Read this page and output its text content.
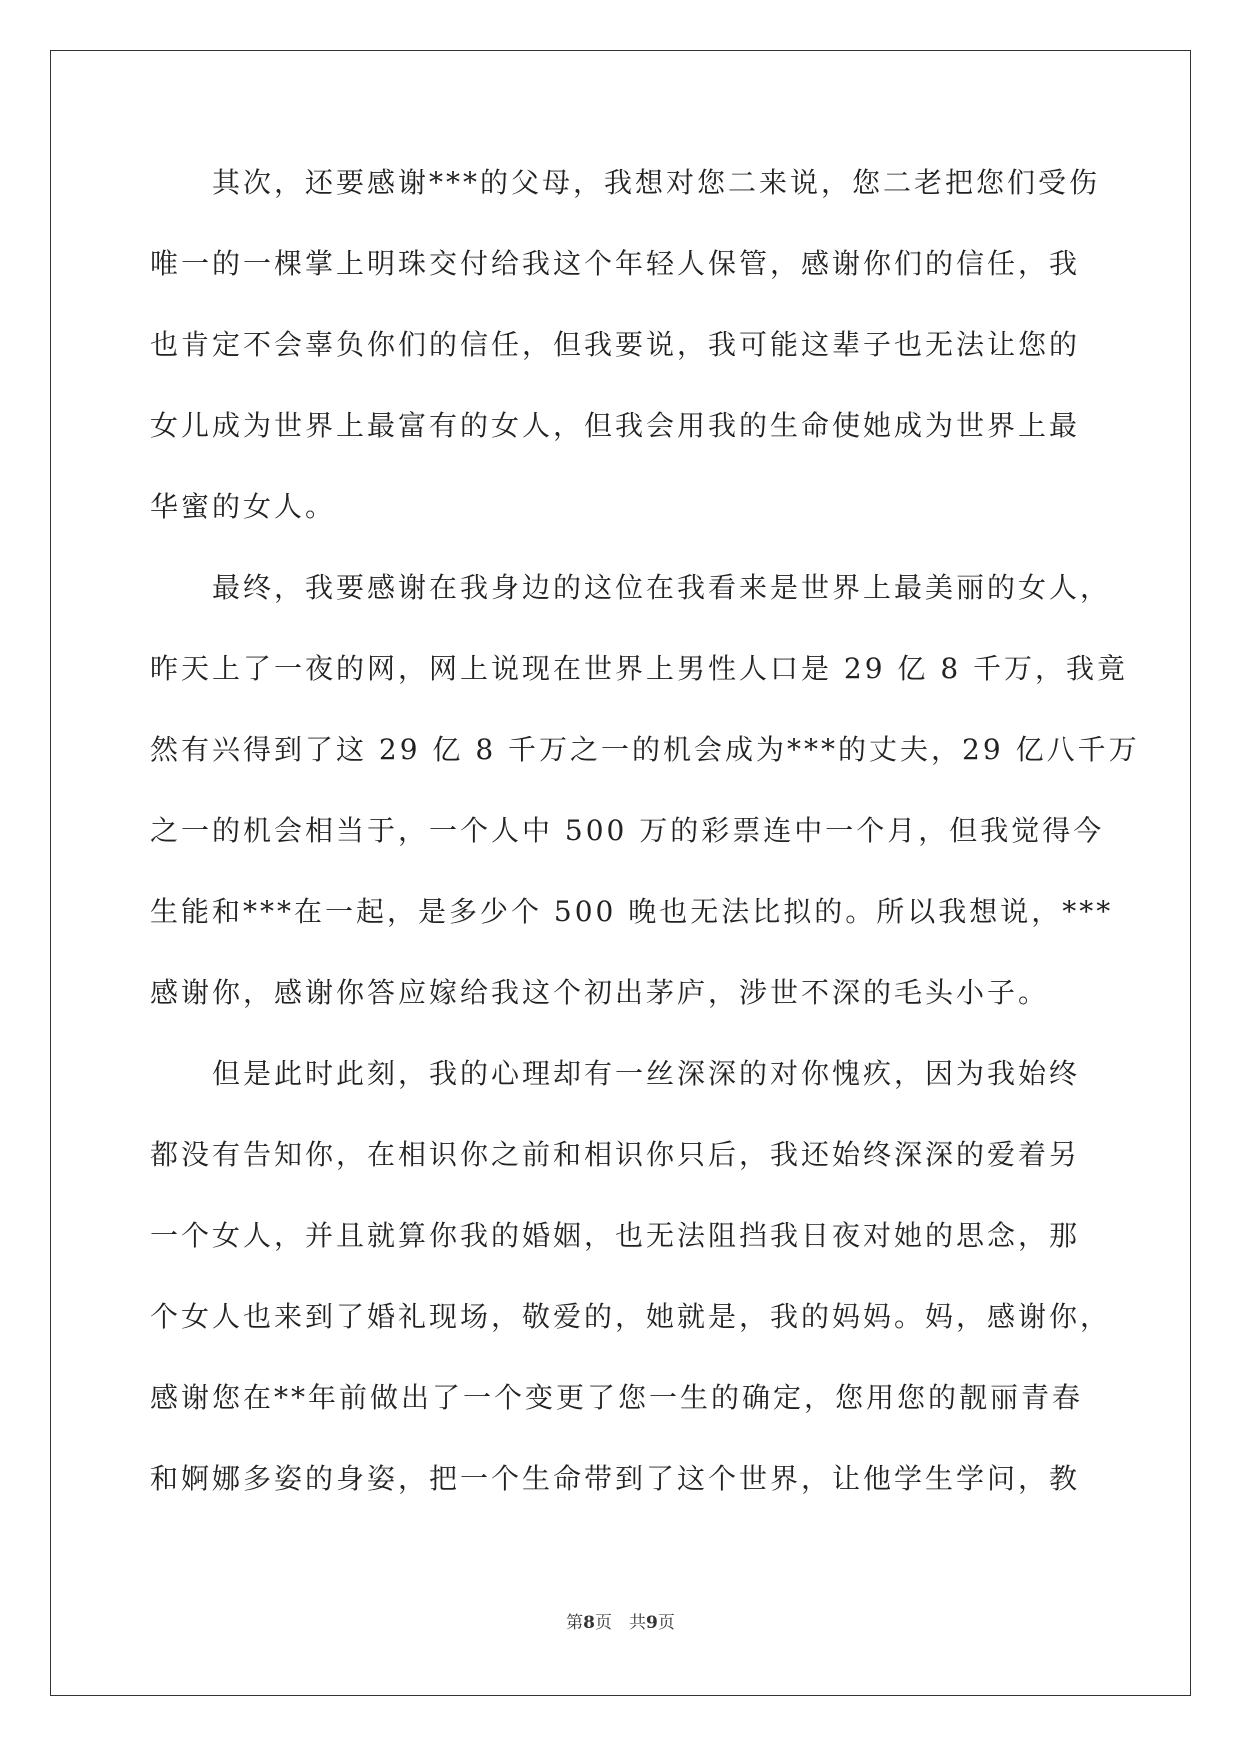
其次，还要感谢***的父母，我想对您二来说，您二老把您们受伤
唯一的一棵掌上明珠交付给我这个年轻人保管，感谢你们的信任，我
也肯定不会辜负你们的信任，但我要说，我可能这辈子也无法让您的
女儿成为世界上最富有的女人，但我会用我的生命使她成为世界上最
华蜜的女人。
最终，我要感谢在我身边的这位在我看来是世界上最美丽的女人，
昨天上了一夜的网，网上说现在世界上男性人口是 29 亿 8 千万，我竟
然有兴得到了这 29 亿 8 千万之一的机会成为***的丈夫，29 亿八千万
之一的机会相当于，一个人中 500 万的彩票连中一个月，但我觉得今
生能和***在一起，是多少个 500 晚也无法比拟的。所以我想说，***
感谢你，感谢你答应嫁给我这个初出茅庐，涉世不深的毛头小子。
但是此时此刻，我的心理却有一丝深深的对你愧疚，因为我始终
都没有告知你，在相识你之前和相识你只后，我还始终深深的爱着另
一个女人，并且就算你我的婚姻，也无法阻挡我日夜对她的思念，那
个女人也来到了婚礼现场，敬爱的，她就是，我的妈妈。妈，感谢你，
感谢您在**年前做出了一个变更了您一生的确定，您用您的靓丽青春
和婀娜多姿的身姿，把一个生命带到了这个世界，让他学生学问，教
第8页　共9页
